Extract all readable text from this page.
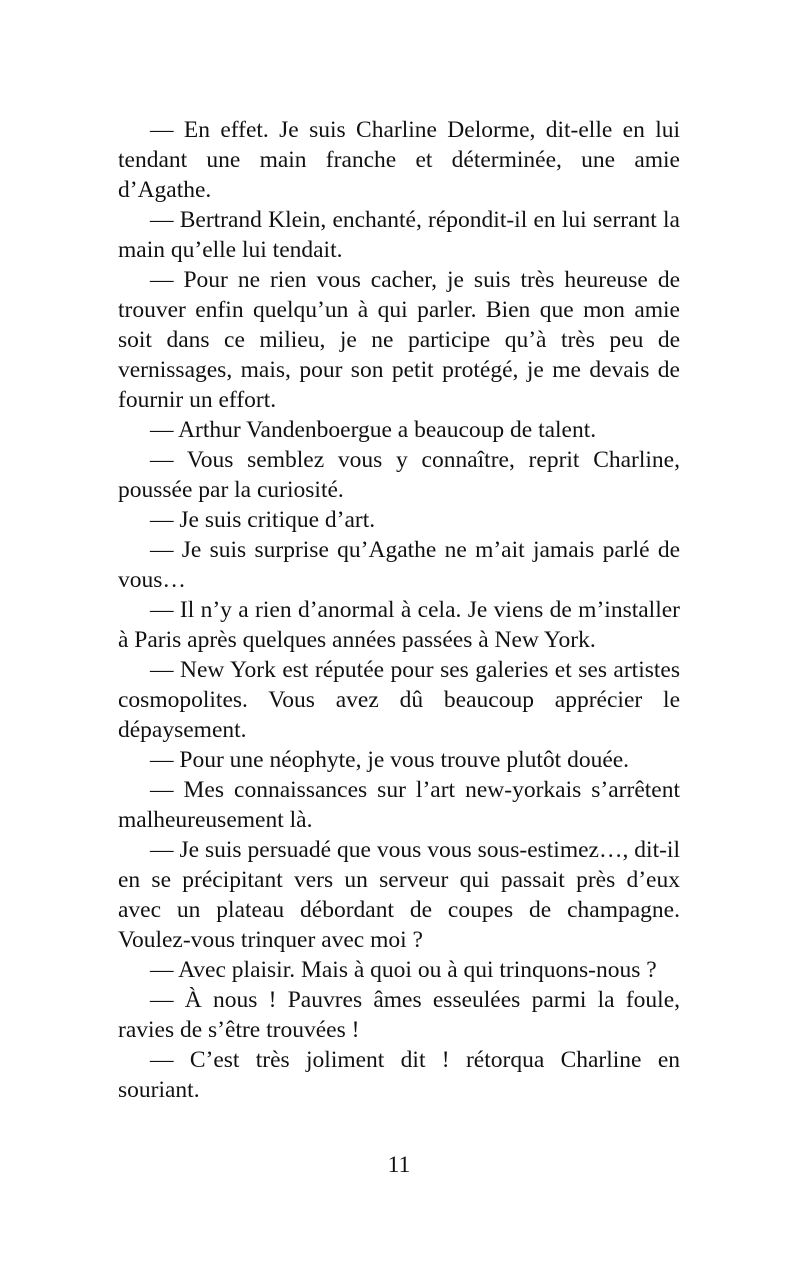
— En effet. Je suis Charline Delorme, dit-elle en lui tendant une main franche et déterminée, une amie d’Agathe.

— Bertrand Klein, enchanté, répondit-il en lui serrant la main qu’elle lui tendait.

— Pour ne rien vous cacher, je suis très heureuse de trouver enfin quelqu’un à qui parler. Bien que mon amie soit dans ce milieu, je ne participe qu’à très peu de vernissages, mais, pour son petit protégé, je me devais de fournir un effort.

— Arthur Vandenboergue a beaucoup de talent.

— Vous semblez vous y connaître, reprit Charline, poussée par la curiosité.

— Je suis critique d’art.

— Je suis surprise qu’Agathe ne m’ait jamais parlé de vous…

— Il n’y a rien d’anormal à cela. Je viens de m’installer à Paris après quelques années passées à New York.

— New York est réputée pour ses galeries et ses artistes cosmopolites. Vous avez dû beaucoup apprécier le dépaysement.

— Pour une néophyte, je vous trouve plutôt douée.

— Mes connaissances sur l’art new-yorkais s’arrêtent malheureusement là.

— Je suis persuadé que vous vous sous-estimez…, dit-il en se précipitant vers un serveur qui passait près d’eux avec un plateau débordant de coupes de champagne. Voulez-vous trinquer avec moi ?

— Avec plaisir. Mais à quoi ou à qui trinquons-nous ?

— À nous ! Pauvres âmes esseulées parmi la foule, ravies de s’être trouvées !

— C’est très joliment dit ! rétorqua Charline en souriant.

11
